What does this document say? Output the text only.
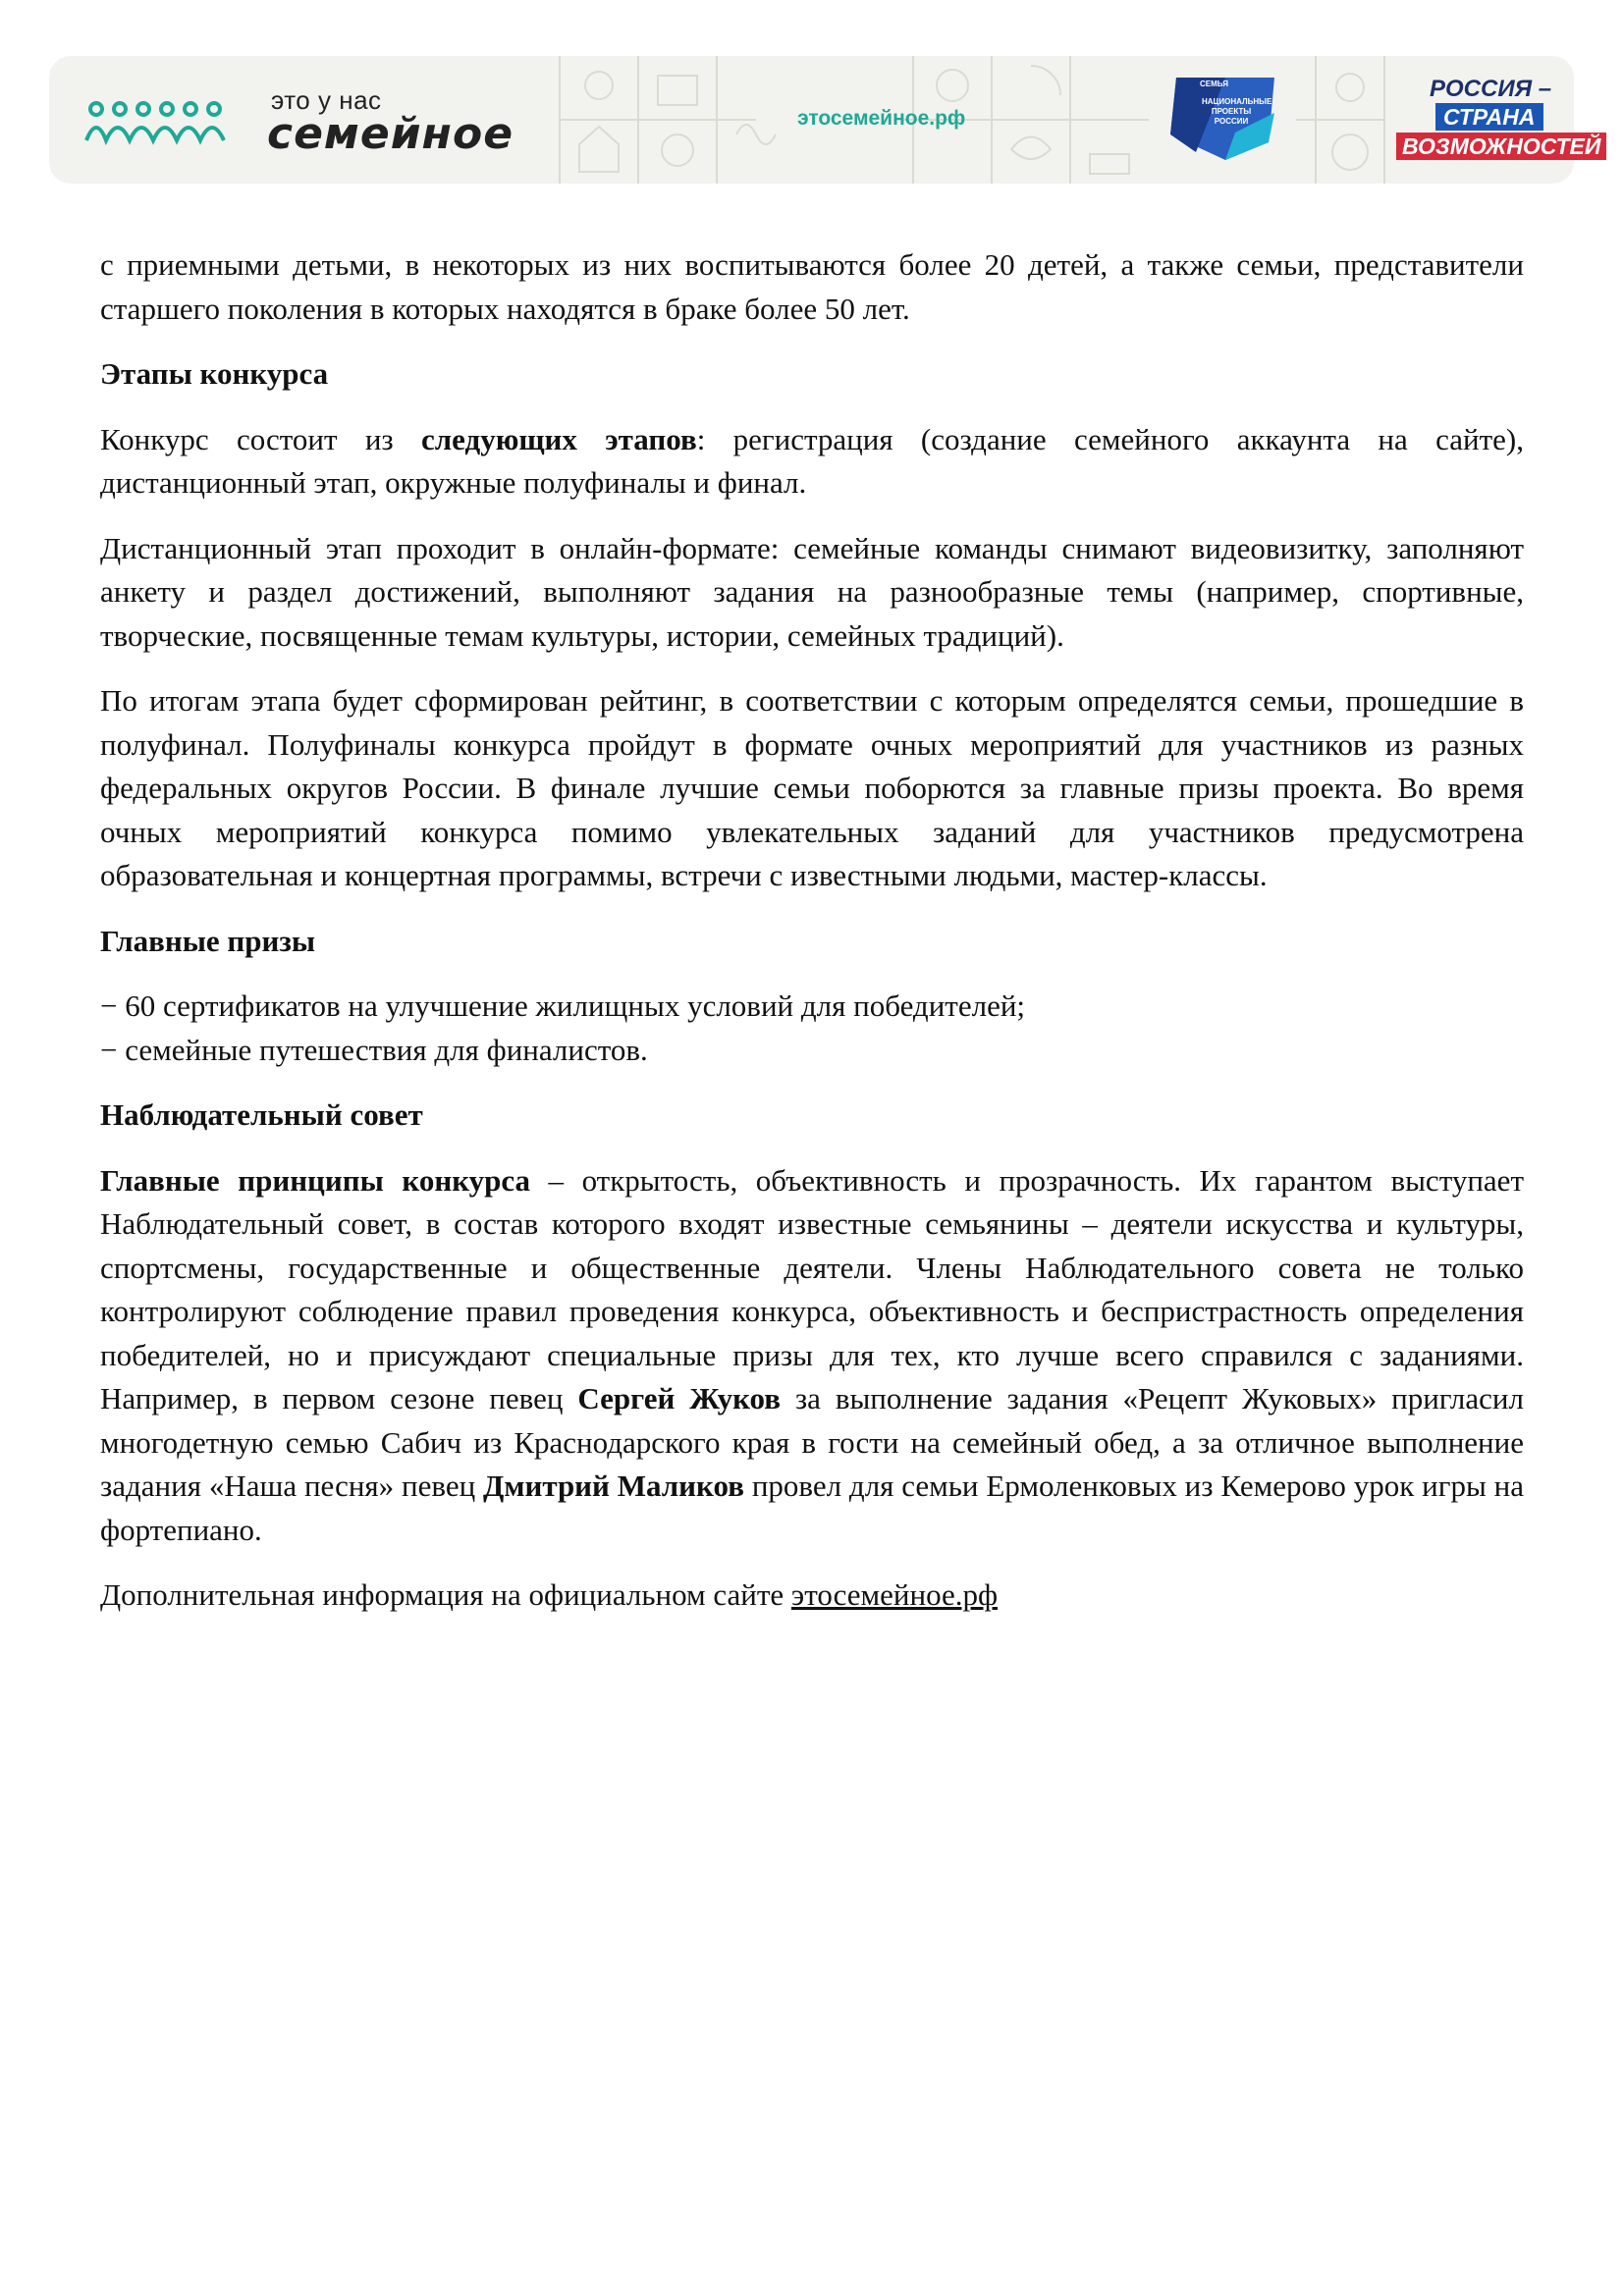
это у нас
семейное	этосемейное.рф
СЕМЬЯ
НАЦИОНАЛЬНЫЕ ПРОЕКТЫ РОССИИ
РОССИЯ –
СТРАНА
ВОЗМОЖНОСТЕЙ

с приемными детьми, в некоторых из них воспитываются более 20 детей, а также семьи, представители старшего поколения в которых находятся в браке более 50 лет.

Этапы конкурса

Конкурс состоит из следующих этапов: регистрация (создание семейного аккаунта на сайте), дистанционный этап, окружные полуфиналы и финал.

Дистанционный этап проходит в онлайн-формате: семейные команды снимают видеовизитку, заполняют анкету и раздел достижений, выполняют задания на разнообразные темы (например, спортивные, творческие, посвященные темам культуры, истории, семейных традиций).

По итогам этапа будет сформирован рейтинг, в соответствии с которым определятся семьи, прошедшие в полуфинал. Полуфиналы конкурса пройдут в формате очных мероприятий для участников из разных федеральных округов России. В финале лучшие семьи поборются за главные призы проекта. Во время очных мероприятий конкурса помимо увлекательных заданий для участников предусмотрена образовательная и концертная программы, встречи с известными людьми, мастер-классы.

Главные призы

− 60 сертификатов на улучшение жилищных условий для победителей;

− семейные путешествия для финалистов.

Наблюдательный совет

Главные принципы конкурса – открытость, объективность и прозрачность. Их гарантом выступает Наблюдательный совет, в состав которого входят известные семьянины – деятели искусства и культуры, спортсмены, государственные и общественные деятели. Члены Наблюдательного совета не только контролируют соблюдение правил проведения конкурса, объективность и беспристрастность определения победителей, но и присуждают специальные призы для тех, кто лучше всего справился с заданиями. Например, в первом сезоне певец Сергей Жуков за выполнение задания «Рецепт Жуковых» пригласил многодетную семью Сабич из Краснодарского края в гости на семейный обед, а за отличное выполнение задания «Наша песня» певец Дмитрий Маликов провел для семьи Ермоленковых из Кемерово урок игры на фортепиано.

Дополнительная информация на официальном сайте этосемейное.рф
